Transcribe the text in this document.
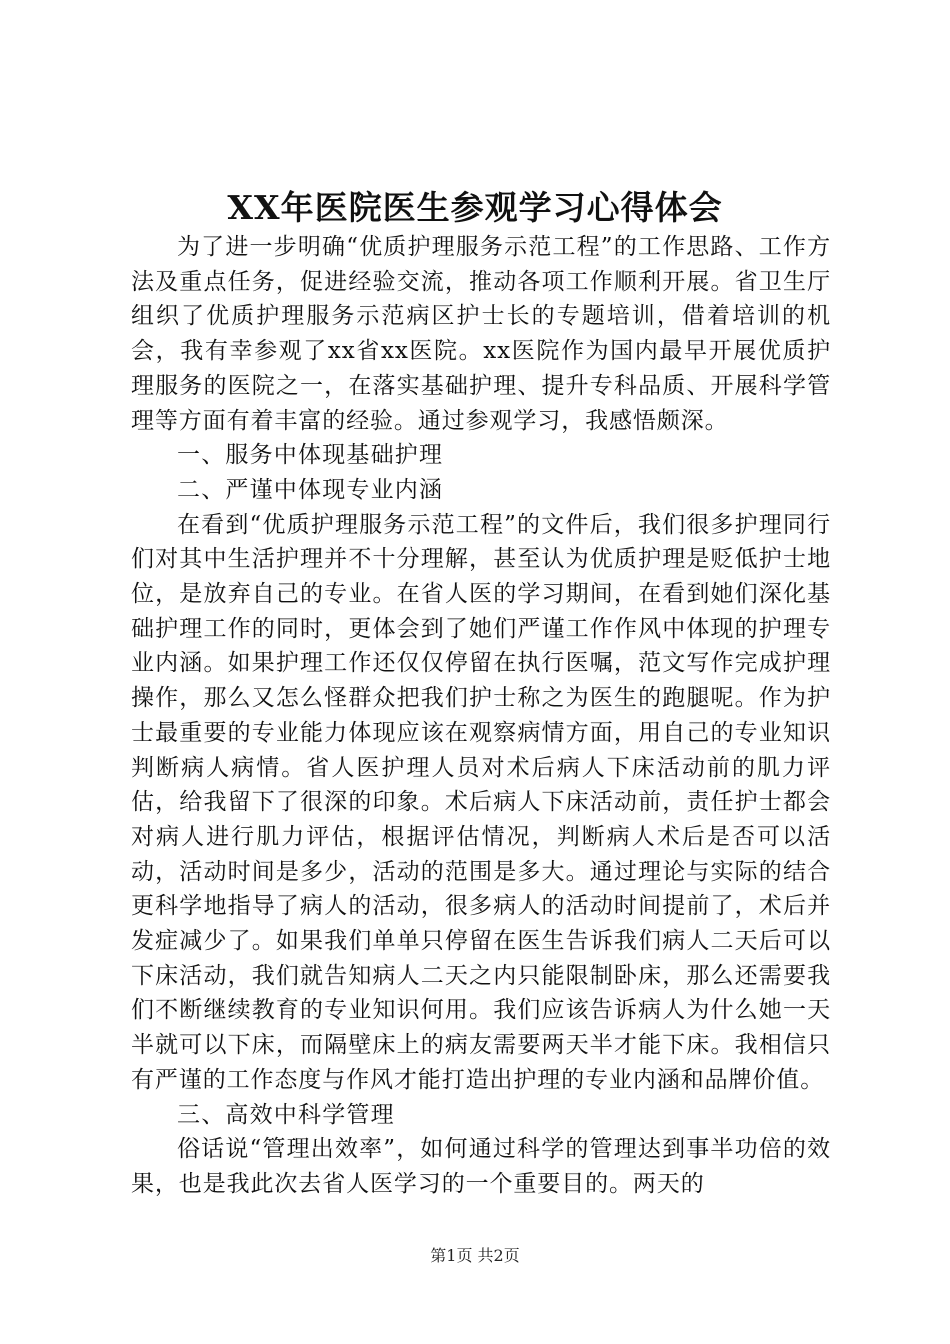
XX年医院医生参观学习心得体会

为了进一步明确“优质护理服务示范工程”的工作思路、工作方法及重点任务，促进经验交流，推动各项工作顺利开展。省卫生厅组织了优质护理服务示范病区护士长的专题培训，借着培训的机会，我有幸参观了xx省xx医院。xx医院作为国内最早开展优质护理服务的医院之一，在落实基础护理、提升专科品质、开展科学管理等方面有着丰富的经验。通过参观学习，我感悟颇深。

一、服务中体现基础护理

二、严谨中体现专业内涵

在看到“优质护理服务示范工程”的文件后，我们很多护理同行们对其中生活护理并不十分理解，甚至认为优质护理是贬低护士地位，是放弃自己的专业。在省人医的学习期间，在看到她们深化基础护理工作的同时，更体会到了她们严谨工作作风中体现的护理专业内涵。如果护理工作还仅仅停留在执行医嘱，范文写作完成护理操作，那么又怎么怪群众把我们护士称之为医生的跑腿呢。作为护士最重要的专业能力体现应该在观察病情方面，用自己的专业知识判断病人病情。省人医护理人员对术后病人下床活动前的肌力评估，给我留下了很深的印象。术后病人下床活动前，责任护士都会对病人进行肌力评估，根据评估情况，判断病人术后是否可以活动，活动时间是多少，活动的范围是多大。通过理论与实际的结合更科学地指导了病人的活动，很多病人的活动时间提前了，术后并发症减少了。如果我们单单只停留在医生告诉我们病人二天后可以下床活动，我们就告知病人二天之内只能限制卧床，那么还需要我们不断继续教育的专业知识何用。我们应该告诉病人为什么她一天半就可以下床，而隔壁床上的病友需要两天半才能下床。我相信只有严谨的工作态度与作风才能打造出护理的专业内涵和品牌价值。

三、高效中科学管理

俗话说“管理出效率”，如何通过科学的管理达到事半功倍的效果，也是我此次去省人医学习的一个重要目的。两天的

第1页 共2页
